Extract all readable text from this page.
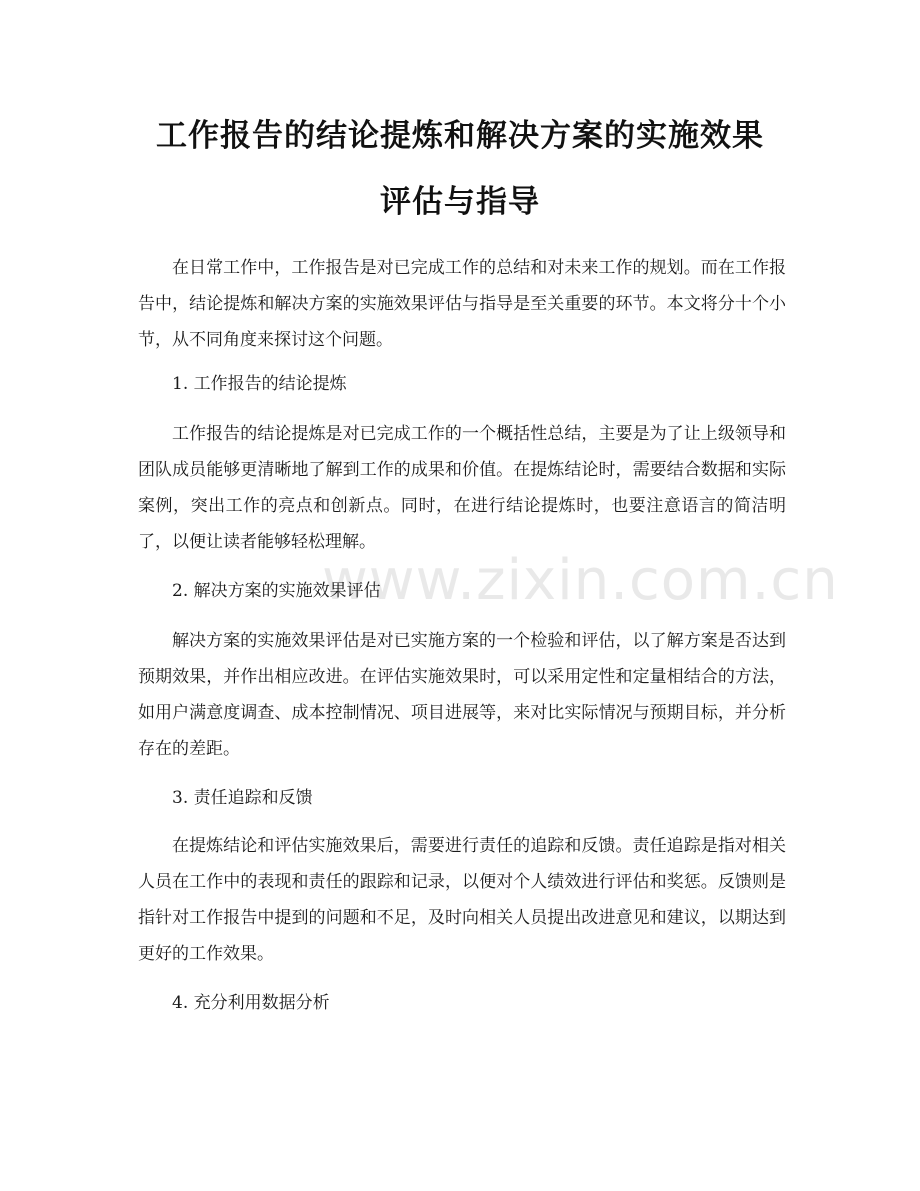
www.zixin.com.cn
工作报告的结论提炼和解决方案的实施效果
评估与指导

在日常工作中，工作报告是对已完成工作的总结和对未来工作的规划。而在工作报告中，结论提炼和解决方案的实施效果评估与指导是至关重要的环节。本文将分十个小节，从不同角度来探讨这个问题。

1. 工作报告的结论提炼

工作报告的结论提炼是对已完成工作的一个概括性总结，主要是为了让上级领导和团队成员能够更清晰地了解到工作的成果和价值。在提炼结论时，需要结合数据和实际案例，突出工作的亮点和创新点。同时，在进行结论提炼时，也要注意语言的简洁明了，以便让读者能够轻松理解。

2. 解决方案的实施效果评估

解决方案的实施效果评估是对已实施方案的一个检验和评估，以了解方案是否达到预期效果，并作出相应改进。在评估实施效果时，可以采用定性和定量相结合的方法，如用户满意度调查、成本控制情况、项目进展等，来对比实际情况与预期目标，并分析存在的差距。

3. 责任追踪和反馈

在提炼结论和评估实施效果后，需要进行责任的追踪和反馈。责任追踪是指对相关人员在工作中的表现和责任的跟踪和记录，以便对个人绩效进行评估和奖惩。反馈则是指针对工作报告中提到的问题和不足，及时向相关人员提出改进意见和建议，以期达到更好的工作效果。

4. 充分利用数据分析
